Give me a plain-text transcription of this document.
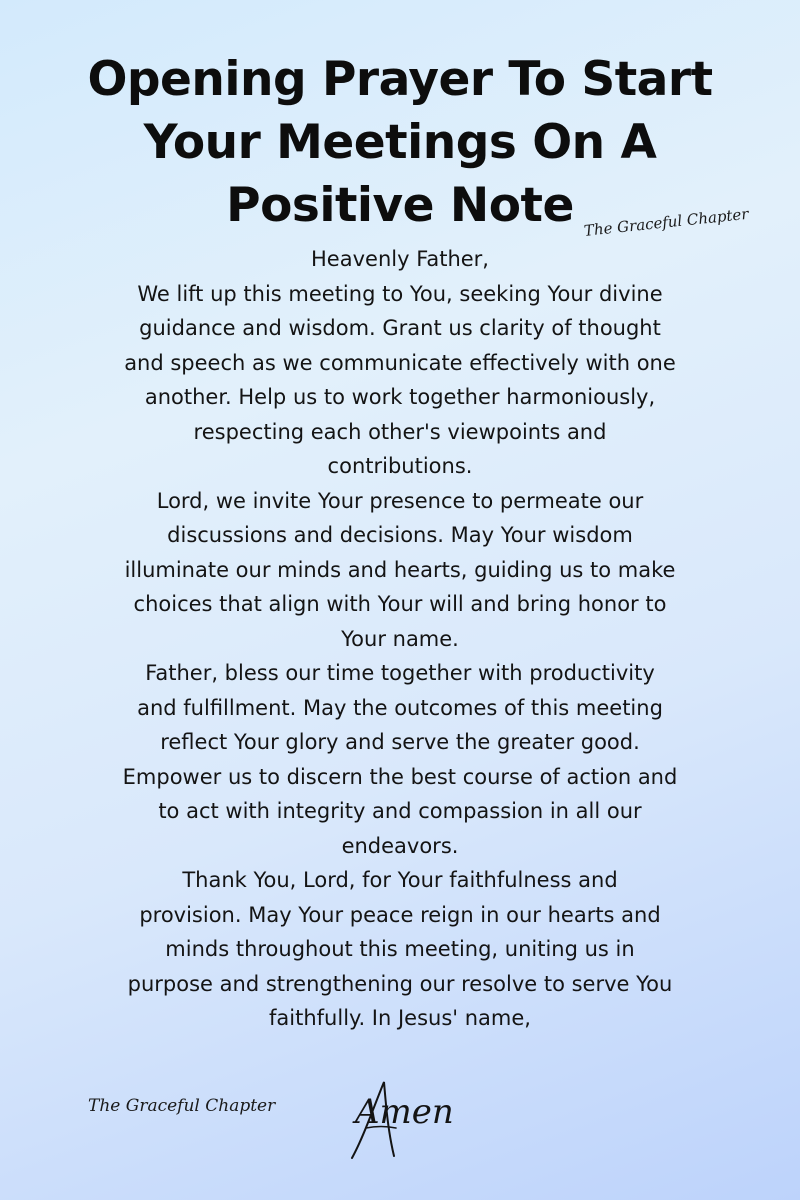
Opening Prayer To Start
Your Meetings On A
Positive Note The Graceful Chapter
Heavenly Father,
We lift up this meeting to You, seeking Your divine
guidance and wisdom. Grant us clarity of thought
and speech as we communicate effectively with one
another. Help us to work together harmoniously,
respecting each other's viewpoints and
contributions.
Lord, we invite Your presence to permeate our
discussions and decisions. May Your wisdom
illuminate our minds and hearts, guiding us to make
choices that align with Your will and bring honor to
Your name.
Father, bless our time together with productivity
and fulfillment. May the outcomes of this meeting
reflect Your glory and serve the greater good.
Empower us to discern the best course of action and
to act with integrity and compassion in all our
endeavors.
Thank You, Lord, for Your faithfulness and
provision. May Your peace reign in our hearts and
minds throughout this meeting, uniting us in
purpose and strengthening our resolve to serve You
faithfully. In Jesus' name,
The Graceful Chapter Amen
